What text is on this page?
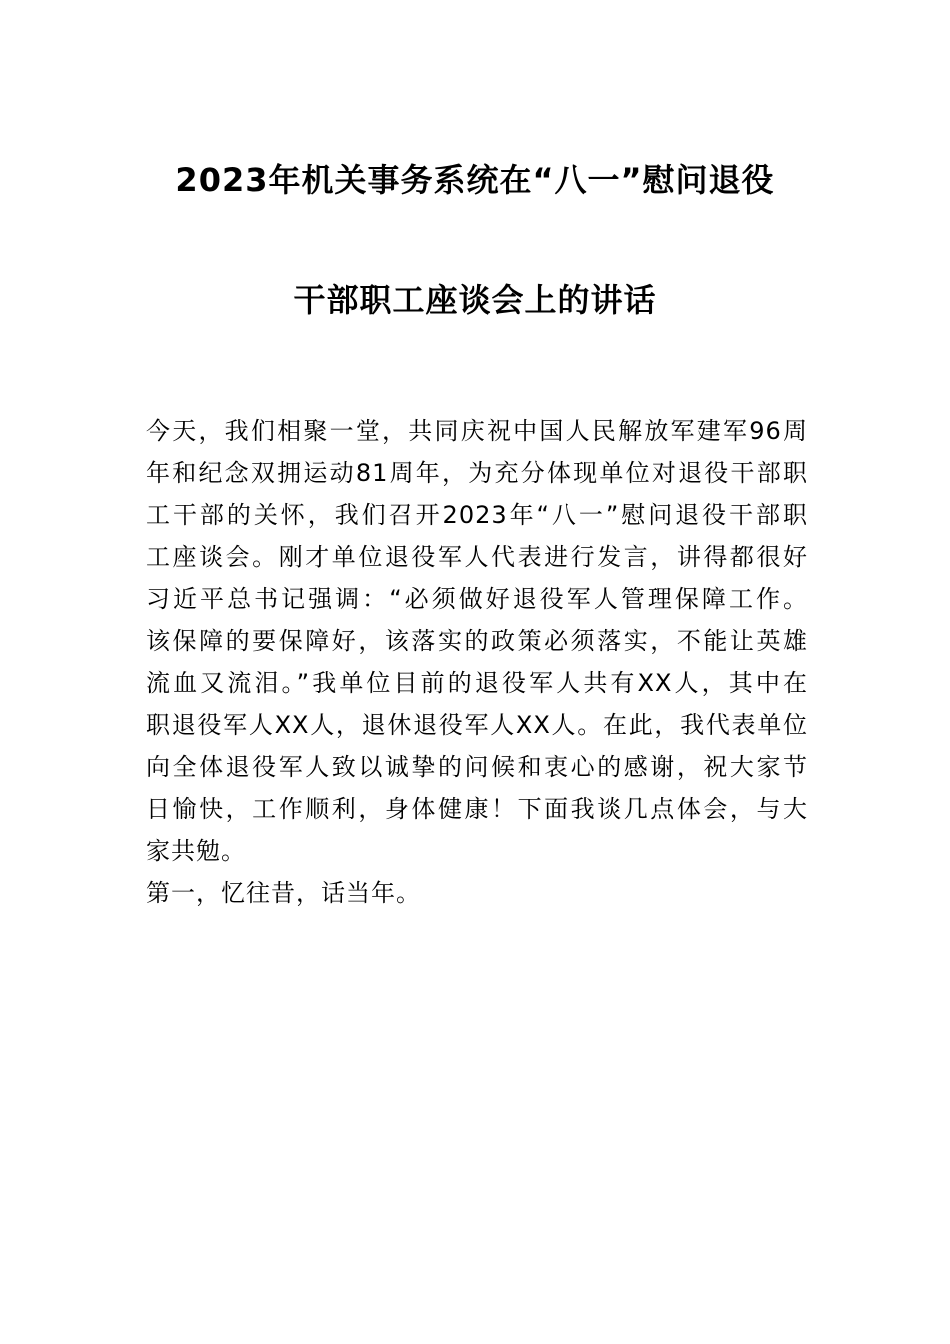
2023年机关事务系统在“八一”慰问退役
干部职工座谈会上的讲话
今天，我们相聚一堂，共同庆祝中国人民解放军建军96周
年和纪念双拥运动81周年，为充分体现单位对退役干部职
工干部的关怀，我们召开2023年“八一”慰问退役干部职
工座谈会。刚才单位退役军人代表进行发言，讲得都很好
习近平总书记强调：“必须做好退役军人管理保障工作。
该保障的要保障好，该落实的政策必须落实，不能让英雄
流血又流泪。”我单位目前的退役军人共有XX人，其中在
职退役军人XX人，退休退役军人XX人。在此，我代表单位
向全体退役军人致以诚挚的问候和衷心的感谢，祝大家节
日愉快，工作顺利，身体健康！下面我谈几点体会，与大
家共勉。
第一，忆往昔，话当年。
